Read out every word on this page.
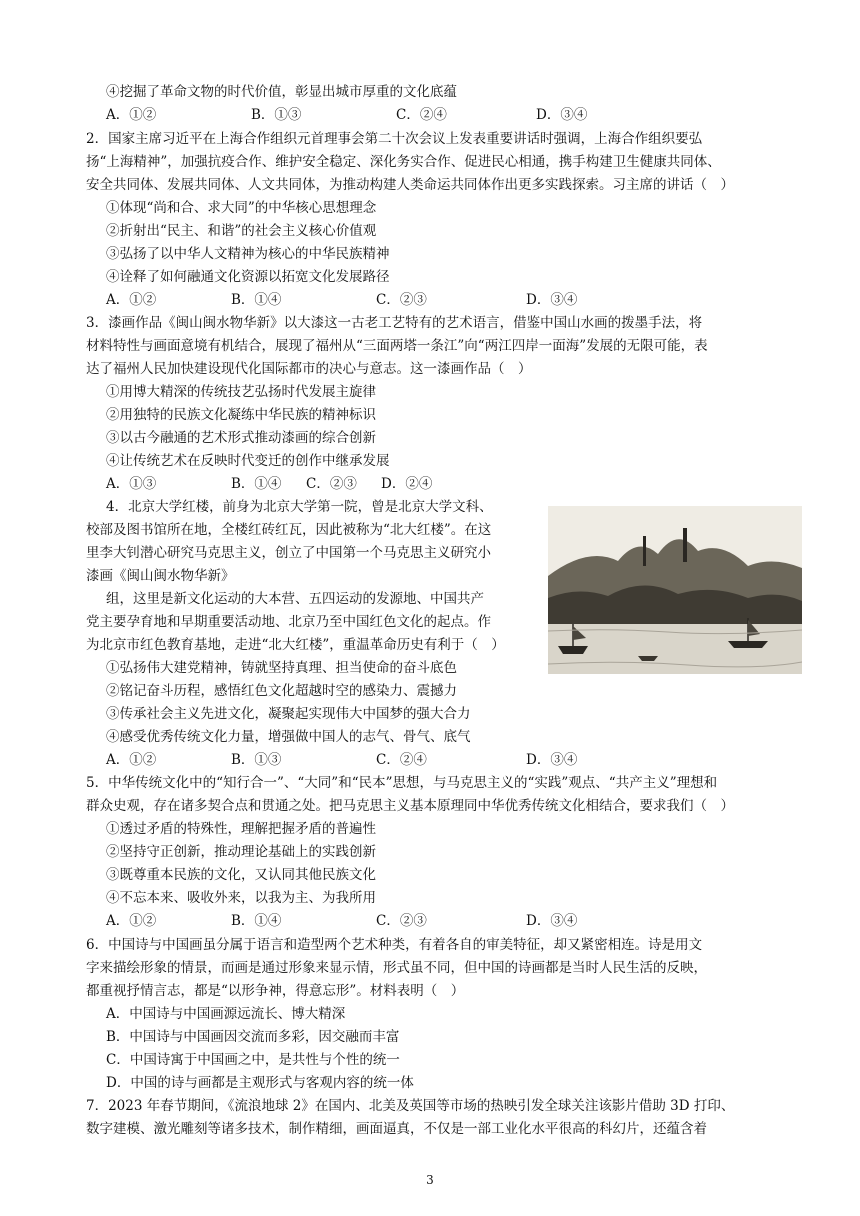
④挖掘了革命文物的时代价值，彰显出城市厚重的文化底蕴
A．①②	B．①③	C．②④	D．③④
2．国家主席习近平在上海合作组织元首理事会第二十次会议上发表重要讲话时强调，上海合作组织要弘
扬“上海精神”，加强抗疫合作、维护安全稳定、深化务实合作、促进民心相通，携手构建卫生健康共同体、
安全共同体、发展共同体、人文共同体，为推动构建人类命运共同体作出更多实践探索。习主席的讲话（　）
①体现“尚和合、求大同”的中华核心思想理念
②折射出“民主、和谐”的社会主义核心价值观
③弘扬了以中华人文精神为核心的中华民族精神
④诠释了如何融通文化资源以拓宽文化发展路径
A．①②	B．①④	C．②③	D．③④
3．漆画作品《闽山闽水物华新》以大漆这一古老工艺特有的艺术语言，借鉴中国山水画的拨墨手法，将
材料特性与画面意境有机结合，展现了福州从“三面两塔一条江”向“两江四岸一面海”发展的无限可能，表
达了福州人民加快建设现代化国际都市的决心与意志。这一漆画作品（　）
①用博大精深的传统技艺弘扬时代发展主旋律
②用独特的民族文化凝练中华民族的精神标识
③以古今融通的艺术形式推动漆画的综合创新
④让传统艺术在反映时代变迁的创作中继承发展
A．①③	B．①④	C．②③	D．②④
4．北京大学红楼，前身为北京大学第一院，曾是北京大学文科、
校部及图书馆所在地，全楼红砖红瓦，因此被称为“北大红楼”。在这
里李大钊潜心研究马克思主义，创立了中国第一个马克思主义研究小
漆画《闽山闽水物华新》
组，这里是新文化运动的大本营、五四运动的发源地、中国共产
党主要孕育地和早期重要活动地、北京乃至中国红色文化的起点。作
为北京市红色教育基地，走进“北大红楼”，重温革命历史有利于（　）
①弘扬伟大建党精神，铸就坚持真理、担当使命的奋斗底色
②铭记奋斗历程，感悟红色文化超越时空的感染力、震撼力
③传承社会主义先进文化，凝聚起实现伟大中国梦的强大合力
④感受优秀传统文化力量，增强做中国人的志气、骨气、底气
A．①②	B．①③	C．②④	D．③④
5．中华传统文化中的“知行合一”、“大同”和“民本”思想，与马克思主义的“实践”观点、“共产主义”理想和
群众史观，存在诸多契合点和贯通之处。把马克思主义基本原理同中华优秀传统文化相结合，要求我们（　）
①透过矛盾的特殊性，理解把握矛盾的普遍性
②坚持守正创新，推动理论基础上的实践创新
③既尊重本民族的文化，又认同其他民族文化
④不忘本来、吸收外来，以我为主、为我所用
A．①②	B．①④	C．②③	D．③④
6．中国诗与中国画虽分属于语言和造型两个艺术种类，有着各自的审美特征，却又紧密相连。诗是用文
字来描绘形象的情景，而画是通过形象来显示情，形式虽不同，但中国的诗画都是当时人民生活的反映，
都重视抒情言志，都是“以形争神，得意忘形”。材料表明（　）
A．中国诗与中国画源远流长、博大精深
B．中国诗与中国画因交流而多彩，因交融而丰富
C．中国诗寓于中国画之中，是共性与个性的统一
D．中国的诗与画都是主观形式与客观内容的统一体
7．2023 年春节期间，《流浪地球 2》在国内、北美及英国等市场的热映引发全球关注该影片借助 3D 打印、
数字建模、激光雕刻等诸多技术，制作精细，画面逼真，不仅是一部工业化水平很高的科幻片，还蕴含着
3
